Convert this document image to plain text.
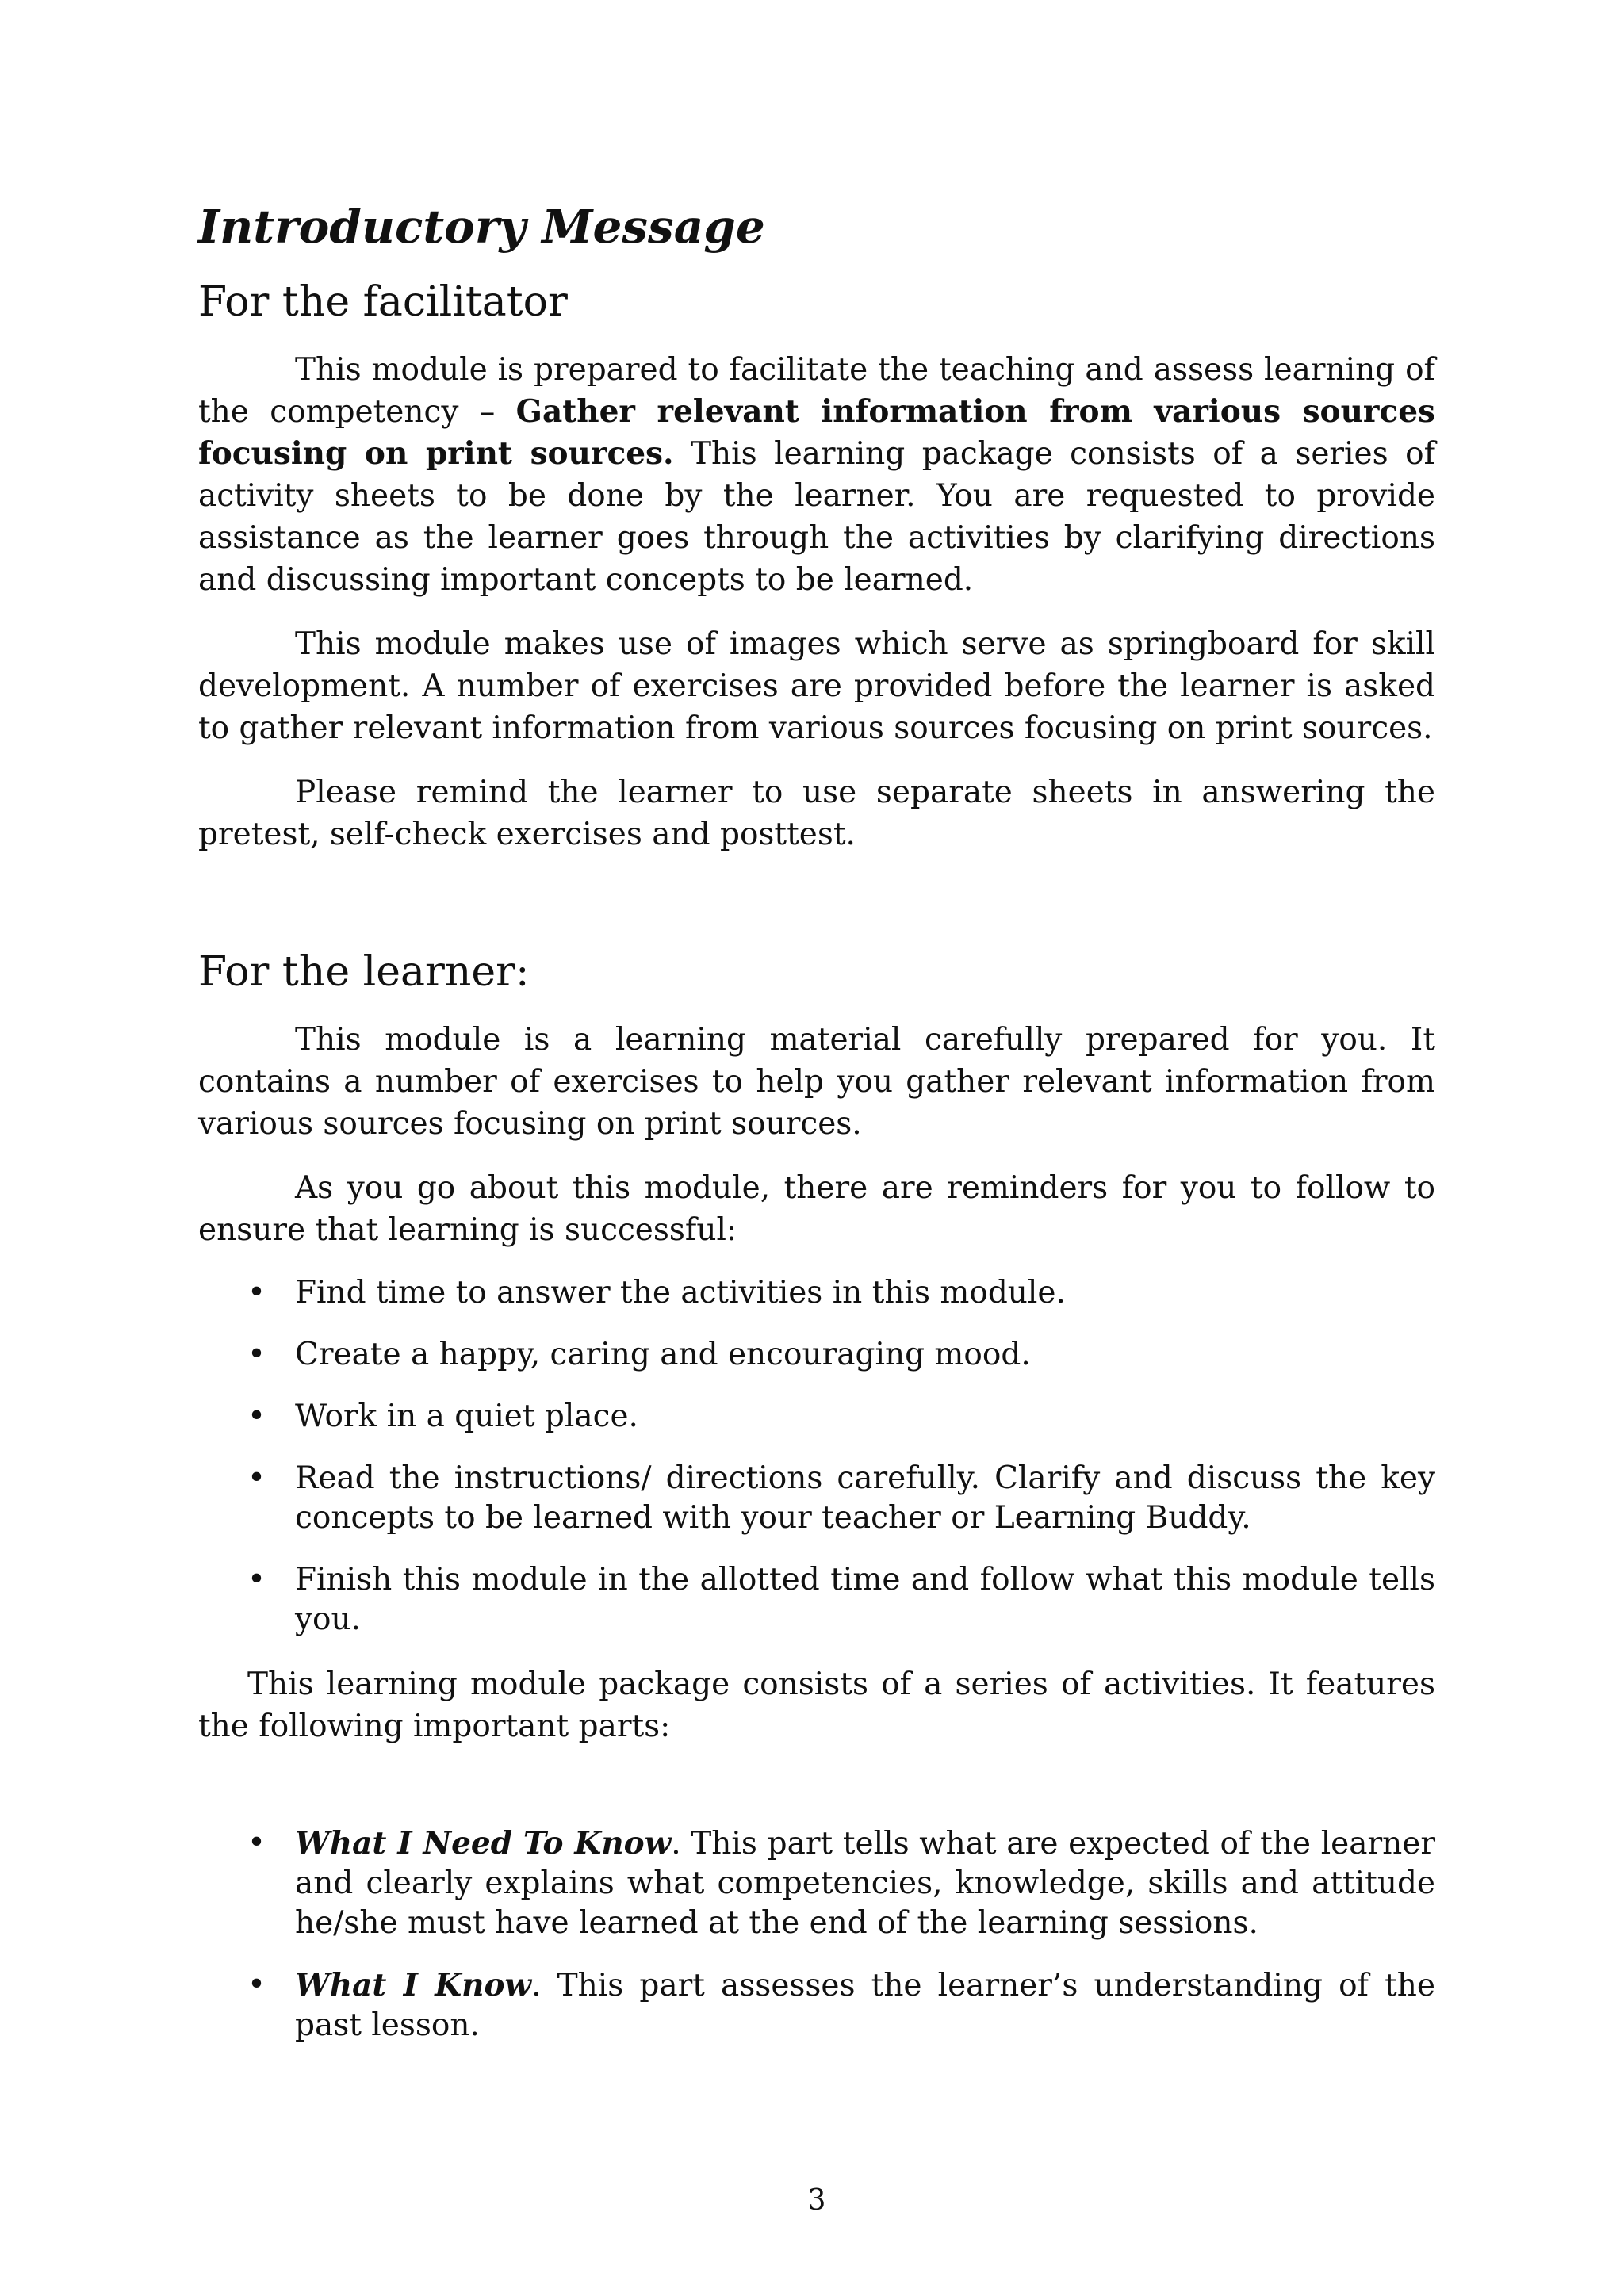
Introductory Message
For the facilitator

This module is prepared to facilitate the teaching and assess learning of the competency – Gather relevant information from various sources focusing on print sources. This learning package consists of a series of activity sheets to be done by the learner. You are requested to provide assistance as the learner goes through the activities by clarifying directions and discussing important concepts to be learned.

This module makes use of images which serve as springboard for skill development. A number of exercises are provided before the learner is asked to gather relevant information from various sources focusing on print sources.

Please remind the learner to use separate sheets in answering the pretest, self-check exercises and posttest.

For the learner:

This module is a learning material carefully prepared for you. It contains a number of exercises to help you gather relevant information from various sources focusing on print sources.

As you go about this module, there are reminders for you to follow to ensure that learning is successful:

• Find time to answer the activities in this module.
• Create a happy, caring and encouraging mood.
• Work in a quiet place.
• Read the instructions/ directions carefully. Clarify and discuss the key concepts to be learned with your teacher or Learning Buddy.
• Finish this module in the allotted time and follow what this module tells you.

This learning module package consists of a series of activities. It features the following important parts:

• What I Need To Know. This part tells what are expected of the learner and clearly explains what competencies, knowledge, skills and attitude he/she must have learned at the end of the learning sessions.
• What I Know. This part assesses the learner’s understanding of the past lesson.
3
